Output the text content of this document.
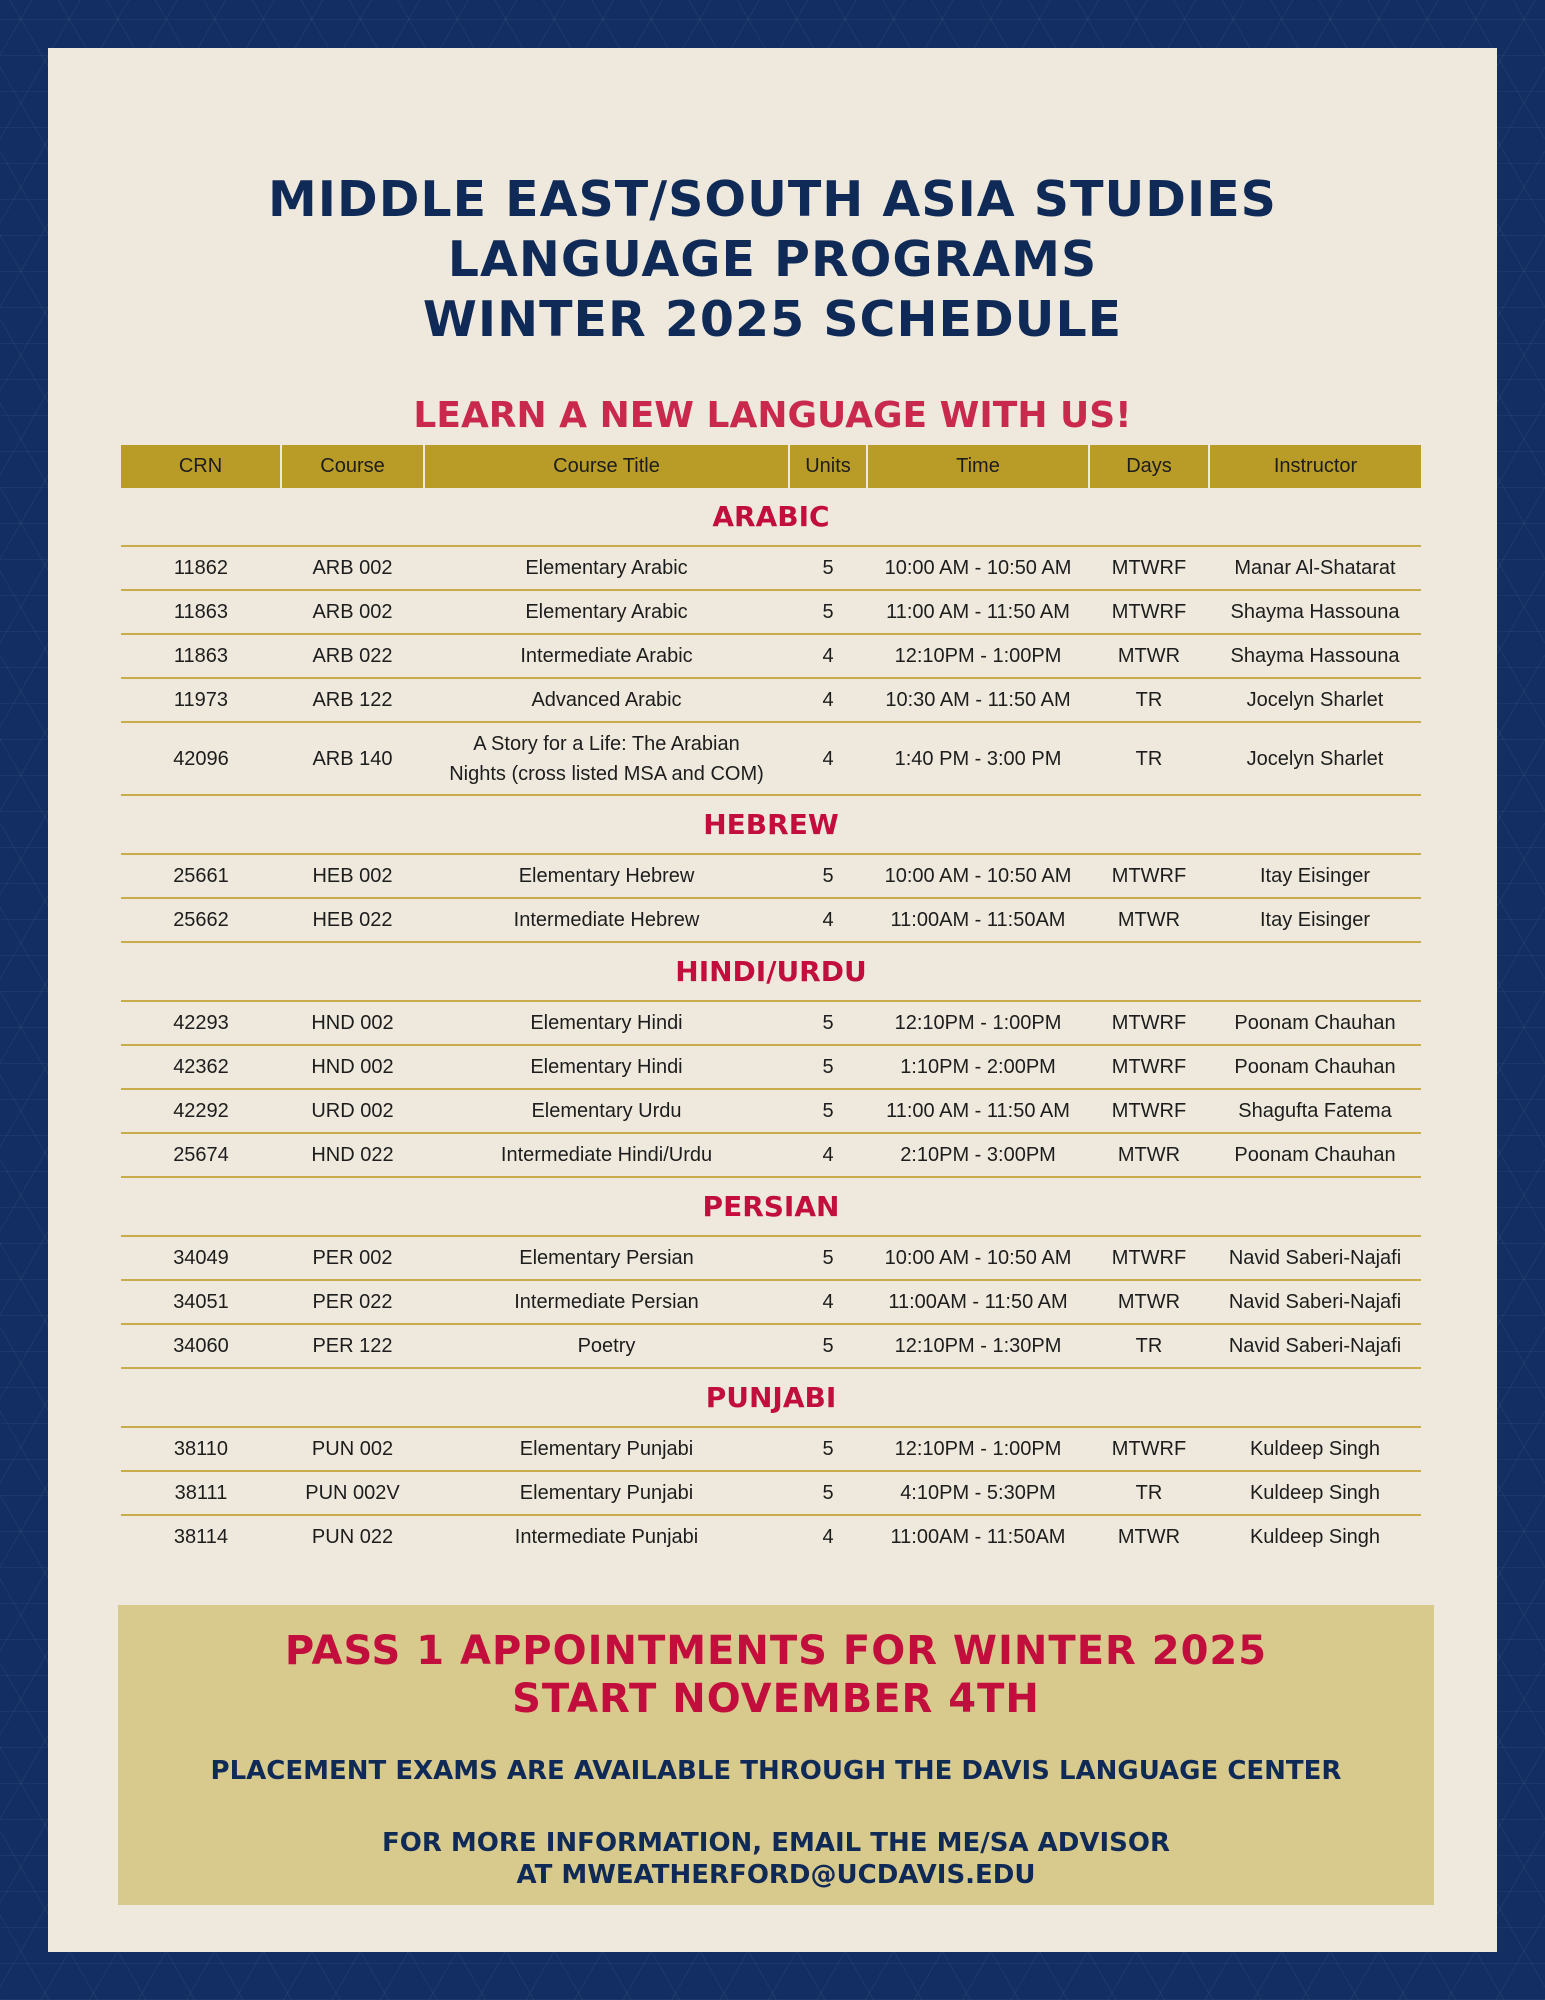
MIDDLE EAST/SOUTH ASIA STUDIES
LANGUAGE PROGRAMS
WINTER 2025 SCHEDULE
LEARN A NEW LANGUAGE WITH US!
CRN	Course	Course Title	Units	Time	Days	Instructor
ARABIC						
11862	ARB 002	Elementary Arabic	5	10:00 AM - 10:50 AM	MTWRF	Manar Al-Shatarat
11863	ARB 002	Elementary Arabic	5	11:00 AM - 11:50 AM	MTWRF	Shayma Hassouna
11863	ARB 022	Intermediate Arabic	4	12:10PM - 1:00PM	MTWR	Shayma Hassouna
11973	ARB 122	Advanced Arabic	4	10:30 AM - 11:50 AM	TR	Jocelyn Sharlet
42096	ARB 140	A Story for a Life: The Arabian
Nights (cross listed MSA and COM)	4	1:40 PM - 3:00 PM	TR	Jocelyn Sharlet
HEBREW						
25661	HEB 002	Elementary Hebrew	5	10:00 AM - 10:50 AM	MTWRF	Itay Eisinger
25662	HEB 022	Intermediate Hebrew	4	11:00AM - 11:50AM	MTWR	Itay Eisinger
HINDI/URDU						
42293	HND 002	Elementary Hindi	5	12:10PM - 1:00PM	MTWRF	Poonam Chauhan
42362	HND 002	Elementary Hindi	5	1:10PM - 2:00PM	MTWRF	Poonam Chauhan
42292	URD 002	Elementary Urdu	5	11:00 AM - 11:50 AM	MTWRF	Shagufta Fatema
25674	HND 022	Intermediate Hindi/Urdu	4	2:10PM - 3:00PM	MTWR	Poonam Chauhan
PERSIAN						
34049	PER 002	Elementary Persian	5	10:00 AM - 10:50 AM	MTWRF	Navid Saberi-Najafi
34051	PER 022	Intermediate Persian	4	11:00AM - 11:50 AM	MTWR	Navid Saberi-Najafi
34060	PER 122	Poetry	5	12:10PM - 1:30PM	TR	Navid Saberi-Najafi
PUNJABI						
38110	PUN 002	Elementary Punjabi	5	12:10PM - 1:00PM	MTWRF	Kuldeep Singh
38111	PUN 002V	Elementary Punjabi	5	4:10PM - 5:30PM	TR	Kuldeep Singh
38114	PUN 022	Intermediate Punjabi	4	11:00AM - 11:50AM	MTWR	Kuldeep Singh
PASS 1 APPOINTMENTS FOR WINTER 2025
START NOVEMBER 4TH
PLACEMENT EXAMS ARE AVAILABLE THROUGH THE DAVIS LANGUAGE CENTER
FOR MORE INFORMATION, EMAIL THE ME/SA ADVISOR
AT MWEATHERFORD@UCDAVIS.EDU
